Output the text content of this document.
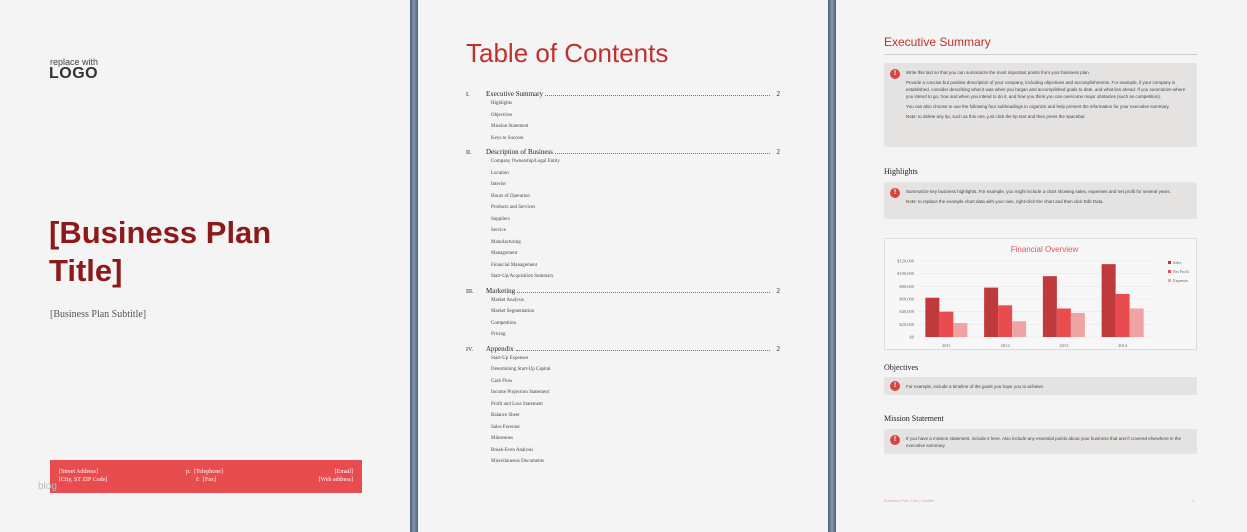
replace with
LOGO
[Business Plan
Title]
[Business Plan Subtitle]
[Street Address]
[City, ST ZIP Code]
p: [Telephone]
f: [Fax]
[Email]
[Web address]
blog
Table of Contents
I.	Executive Summary	2
Highlights
Objectives
Mission Statement
Keys to Success
II.	Description of Business	2
Company Ownership/Legal Entity
Location
Interior
Hours of Operation
Products and Services
Suppliers
Service
Manufacturing
Management
Financial Management
Start-Up/Acquisition Summary
III.	Marketing	2
Market Analysis
Market Segmentation
Competition
Pricing
IV.	Appendix	2
Start-Up Expenses
Determining Start-Up Capital
Cash Flow
Income Projection Statement
Profit and Loss Statement
Balance Sheet
Sales Forecast
Milestones
Break-Even Analysis
Miscellaneous Documents
Executive Summary
!	Write this last so that you can summarize the most important points from your business plan.

Provide a concise but positive description of your company, including objectives and accomplishments. For example, if your company is established, consider describing what it was when you began and accomplished goals to date, and what lies ahead. If you summarize where you intend to go, how and when you intend to do it, and how you think you can overcome major obstacles (such as competition).

You can also choose to use the following four subheadings to organize and help present the information for your executive summary.

Note: to delete any tip, such as this one, just click the tip text and then press the spacebar.

Highlights
!	Summarize key business highlights. For example, you might include a chart showing sales, expenses and net profit for several years.

Note: to replace the example chart data with your own, right-click the chart and then click Edit Data.

Financial Overview
$0
$20,000
$40,000
$60,000
$80,000
$100,000
$120,000
2011	2012	2013	2014
Sales
Net Profit
Expenses
Objectives
!	For example, include a timeline of the goals you hope you to achieve.

Mission Statement
!	If you have a mission statement, include it here. Also include any essential points about your business that aren't covered elsewhere in the executive summary.

Business Plan Title | Subtitle	2
